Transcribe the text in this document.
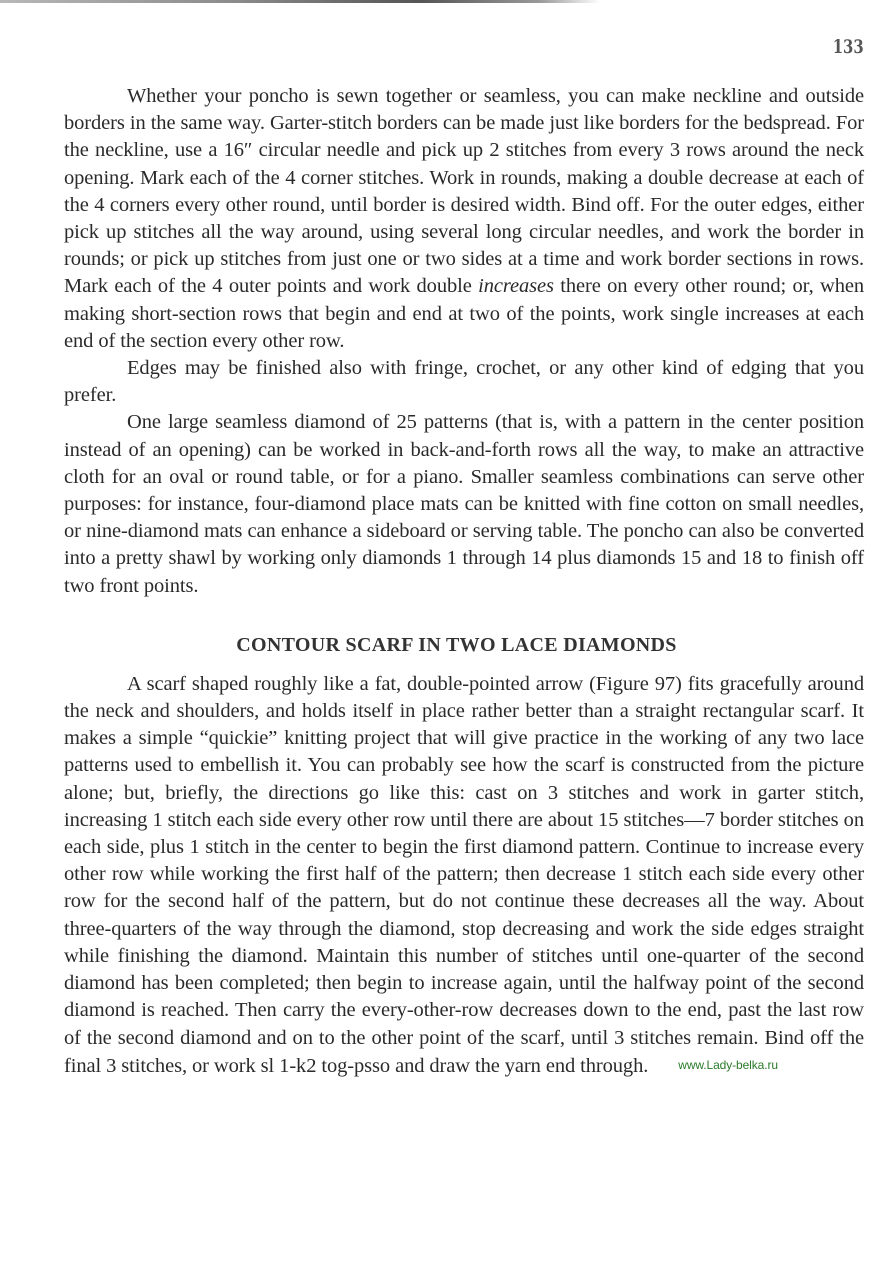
133

Whether your poncho is sewn together or seamless, you can make neckline and outside borders in the same way. Garter-stitch borders can be made just like borders for the bedspread. For the neckline, use a 16″ circular needle and pick up 2 stitches from every 3 rows around the neck opening. Mark each of the 4 corner stitches. Work in rounds, making a double decrease at each of the 4 corners every other round, until border is desired width. Bind off. For the outer edges, either pick up stitches all the way around, using several long circular needles, and work the border in rounds; or pick up stitches from just one or two sides at a time and work border sections in rows. Mark each of the 4 outer points and work double increases there on every other round; or, when making short-section rows that begin and end at two of the points, work single increases at each end of the section every other row.

Edges may be finished also with fringe, crochet, or any other kind of edging that you prefer.

One large seamless diamond of 25 patterns (that is, with a pattern in the center position instead of an opening) can be worked in back-and-forth rows all the way, to make an attractive cloth for an oval or round table, or for a piano. Smaller seamless combinations can serve other purposes: for instance, four-diamond place mats can be knitted with fine cotton on small needles, or nine-diamond mats can enhance a sideboard or serving table. The poncho can also be converted into a pretty shawl by working only diamonds 1 through 14 plus diamonds 15 and 18 to finish off two front points.

CONTOUR SCARF IN TWO LACE DIAMONDS

A scarf shaped roughly like a fat, double-pointed arrow (Figure 97) fits gracefully around the neck and shoulders, and holds itself in place rather better than a straight rectangular scarf. It makes a simple “quickie” knitting project that will give practice in the working of any two lace patterns used to embellish it. You can probably see how the scarf is constructed from the picture alone; but, briefly, the directions go like this: cast on 3 stitches and work in garter stitch, increasing 1 stitch each side every other row until there are about 15 stitches—7 border stitches on each side, plus 1 stitch in the center to begin the first diamond pattern. Continue to increase every other row while working the first half of the pattern; then decrease 1 stitch each side every other row for the second half of the pattern, but do not continue these decreases all the way. About three-quarters of the way through the diamond, stop decreasing and work the side edges straight while finishing the diamond. Maintain this number of stitches until one-quarter of the second diamond has been completed; then begin to increase again, until the halfway point of the second diamond is reached. Then carry the every-other-row decreases down to the end, past the last row of the second diamond and on to the other point of the scarf, until 3 stitches remain. Bind off the final 3 stitches, or work sl 1-k2 tog-psso and draw the yarn end through.	www.Lady-belka.ru
